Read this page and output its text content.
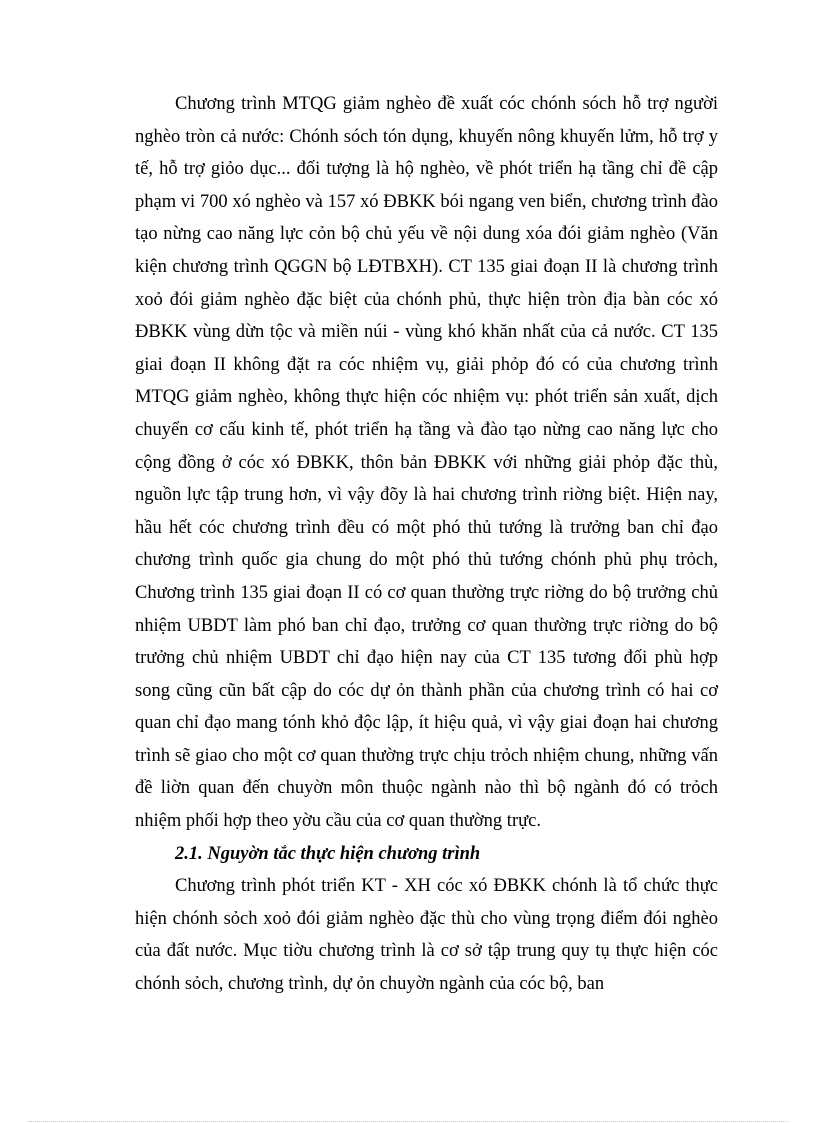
Chương trình MTQG giảm nghèo đề xuất cóc chónh sóch hỗ trợ người nghèo tròn cả nước: Chónh sóch tón dụng, khuyến nông khuyến lửm, hỗ trợ y tế, hỗ trợ giỏo dục... đối tượng là hộ nghèo, về phót triển hạ tầng chỉ đề cập phạm vi 700 xó nghèo và 157 xó ĐBKK bói ngang ven biển, chương trình đào tạo nừng cao năng lực cỏn bộ chủ yếu về nội dung xóa đói giảm nghèo (Văn kiện chương trình QGGN bộ LĐTBXH). CT 135 giai đoạn II là chương trình xoỏ đói giảm nghèo đặc biệt của chónh phủ, thực hiện tròn địa bàn cóc xó ĐBKK vùng dừn tộc và miền núi - vùng khó khăn nhất của cả nước. CT 135 giai đoạn II không đặt ra cóc nhiệm vụ, giải phỏp đó có của chương trình MTQG giảm nghèo, không thực hiện cóc nhiệm vụ: phót triển sản xuất, dịch chuyển cơ cấu kinh tế, phót triển hạ tầng và đào tạo nừng cao năng lực cho cộng đồng ở cóc xó ĐBKK, thôn bản ĐBKK với những giải phỏp đặc thù, nguồn lực tập trung hơn, vì vậy đõy là hai chương trình riờng biệt. Hiện nay, hầu hết cóc chương trình đều có một phó thủ tướng là trưởng ban chỉ đạo chương trình quốc gia chung do một phó thủ tướng chónh phủ phụ trỏch, Chương trình 135 giai đoạn II có cơ quan thường trực riờng do bộ trưởng chủ nhiệm UBDT làm phó ban chỉ đạo, trưởng cơ quan thường trực riờng do bộ trưởng chủ nhiệm UBDT chỉ đạo hiện nay của CT 135 tương đối phù hợp song cũng cũn bất cập do cóc dự ỏn thành phần của chương trình có hai cơ quan chỉ đạo mang tónh khỏ độc lập, ít hiệu quả, vì vậy giai đoạn hai chương trình sẽ giao cho một cơ quan thường trực chịu trỏch nhiệm chung, những vấn đề liờn quan đến chuyờn môn thuộc ngành nào thì bộ ngành đó có trỏch nhiệm phối hợp theo yờu cầu của cơ quan thường trực.

2.1. Nguyờn tắc thực hiện chương trình

Chương trình phót triển KT - XH cóc xó ĐBKK chónh là tổ chức thực hiện chónh sỏch xoỏ đói giảm nghèo đặc thù cho vùng trọng điểm đói nghèo của đất nước. Mục tiờu chương trình là cơ sở tập trung quy tụ thực hiện cóc chónh sỏch, chương trình, dự ỏn chuyờn ngành của cóc bộ, ban
